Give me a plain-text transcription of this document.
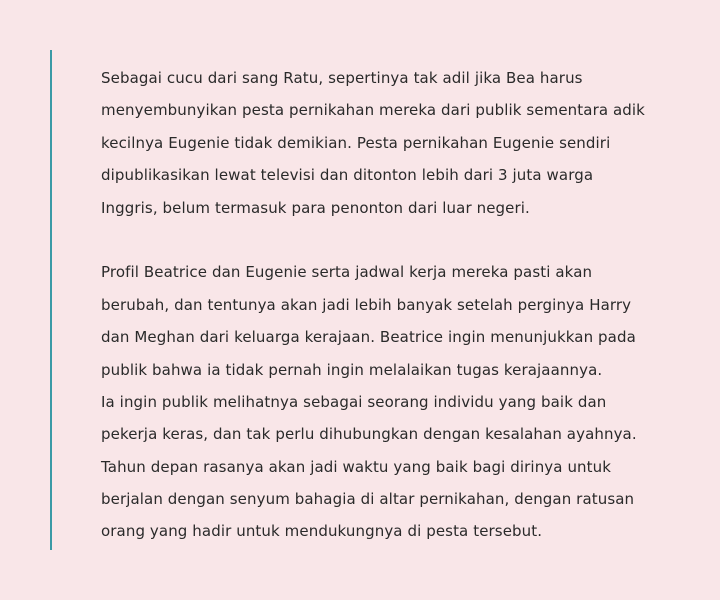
Sebagai cucu dari sang Ratu, sepertinya tak adil jika Bea harus
menyembunyikan pesta pernikahan mereka dari publik sementara adik
kecilnya Eugenie tidak demikian. Pesta pernikahan Eugenie sendiri
dipublikasikan lewat televisi dan ditonton lebih dari 3 juta warga
Inggris, belum termasuk para penonton dari luar negeri.

Profil Beatrice dan Eugenie serta jadwal kerja mereka pasti akan
berubah, dan tentunya akan jadi lebih banyak setelah perginya Harry
dan Meghan dari keluarga kerajaan. Beatrice ingin menunjukkan pada
publik bahwa ia tidak pernah ingin melalaikan tugas kerajaannya.
Ia ingin publik melihatnya sebagai seorang individu yang baik dan
pekerja keras, dan tak perlu dihubungkan dengan kesalahan ayahnya.
Tahun depan rasanya akan jadi waktu yang baik bagi dirinya untuk
berjalan dengan senyum bahagia di altar pernikahan, dengan ratusan
orang yang hadir untuk mendukungnya di pesta tersebut.
